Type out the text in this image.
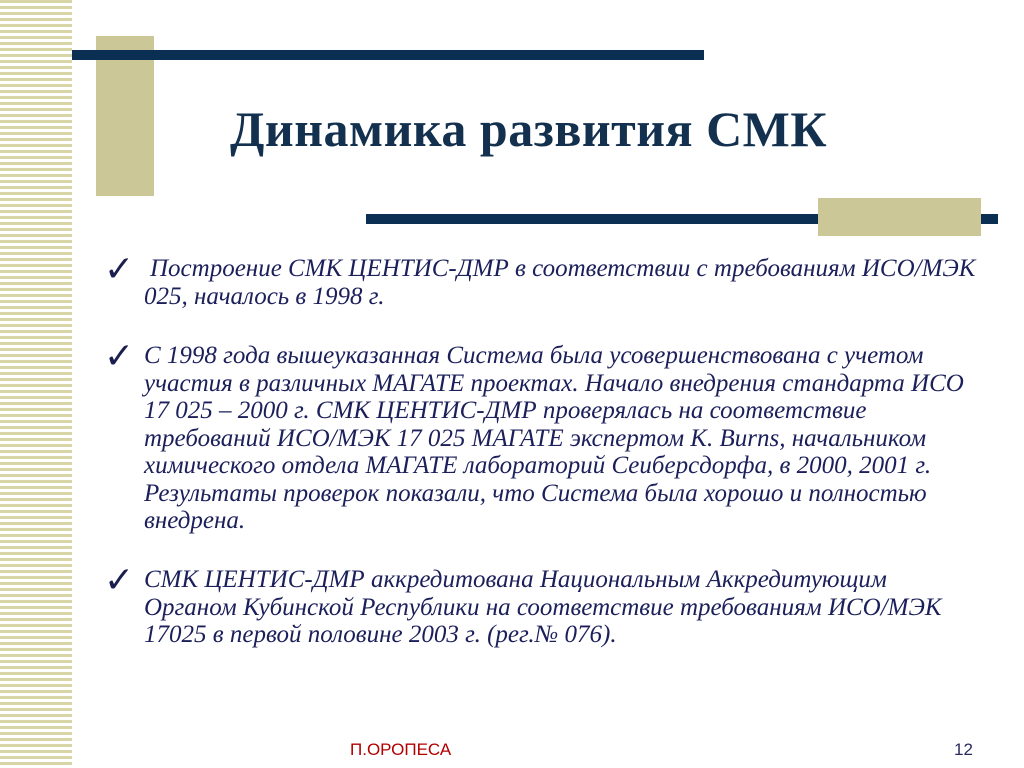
Динамика развития СМК
✓ Построение СМК ЦЕНТИС-ДМР в соответствии с требованиям ИСО/МЭК 025, началось в 1998 г.
✓ С 1998 года вышеуказанная Система была усовершенствована с учетом участия в различных МАГАТЕ проектах. Начало внедрения стандарта ИСО 17 025 – 2000 г. СМК ЦЕНТИС-ДМР проверялась на соответствие требований ИСО/МЭК 17 025 МАГАТЕ экспертом K. Burns, начальником химического отдела МАГАТЕ лабораторий Сеиберсдорфа, в 2000, 2001 г. Результаты проверок показали, что Система была хорошо и полностью внедрена.
✓ СМК ЦЕНТИС-ДМР аккредитована Национальным Аккредитующим Органом Кубинской Республики на соответствие требованиям ИСО/МЭК 17025 в первой половине 2003 г. (рег.№ 076).
П.ОРОПЕСА	12
